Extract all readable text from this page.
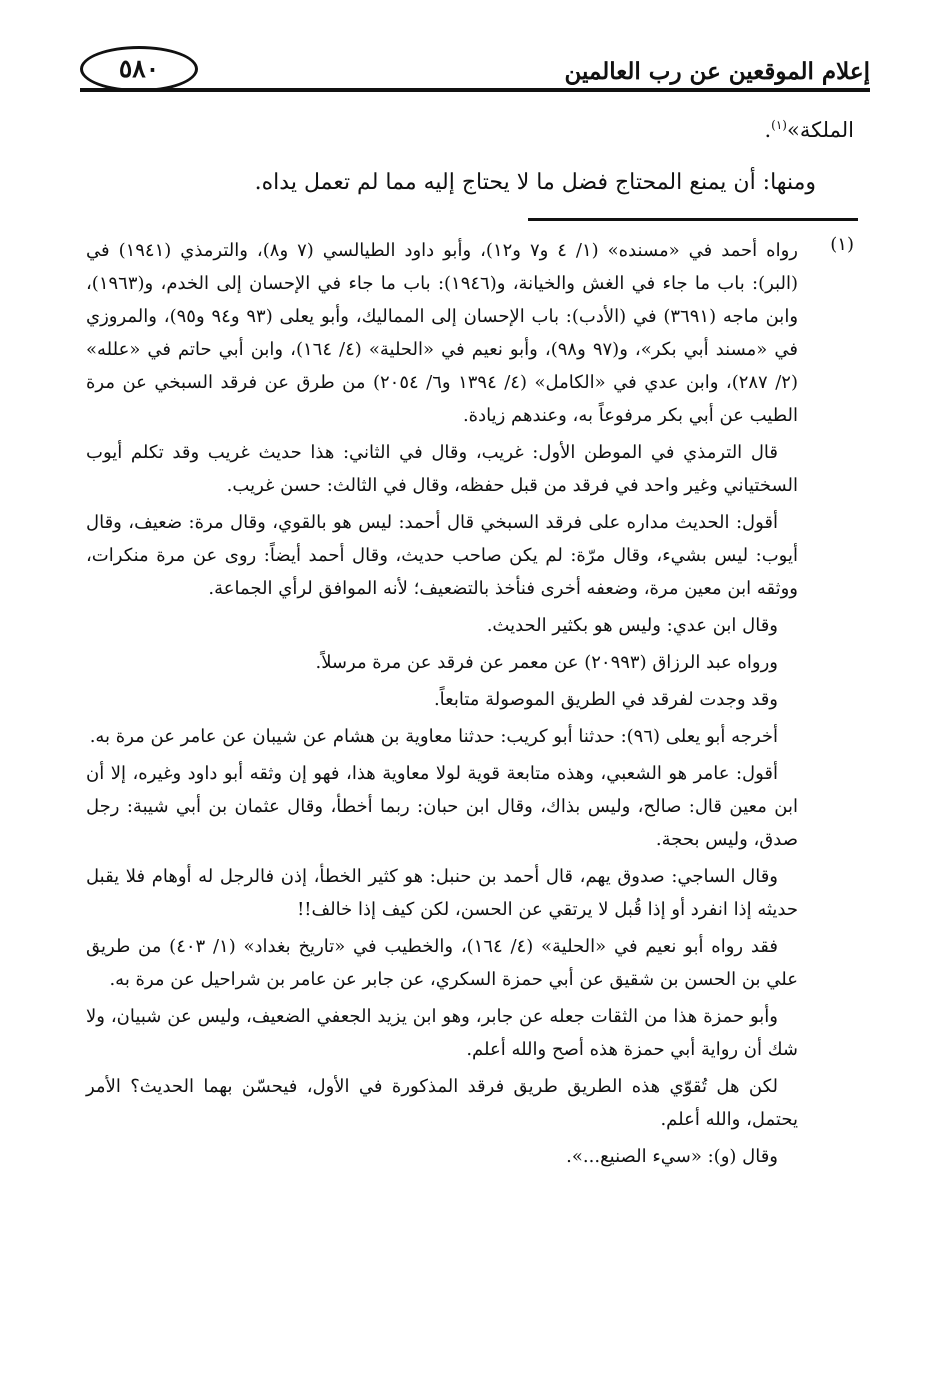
إعلام الموقعين عن رب العالمين
٥٨٠
الملكة»$^{(١)}$.
ومنها: أن يمنع المحتاج فضل ما لا يحتاج إليه مما لم تعمل يداه.
(١)

رواه أحمد في «مسنده» (١/ ٤ و٧ و١٢)، وأبو داود الطيالسي (٧ و٨)، والترمذي (١٩٤١) في (البر): باب ما جاء في الغش والخيانة، و(١٩٤٦): باب ما جاء في الإحسان إلى الخدم، و(١٩٦٣)، وابن ماجه (٣٦٩١) في (الأدب): باب الإحسان إلى المماليك، وأبو يعلى (٩٣ و٩٤ و٩٥)، والمروزي في «مسند أبي بكر»، و(٩٧ و٩٨)، وأبو نعيم في «الحلية» (٤/ ١٦٤)، وابن أبي حاتم في «علله» (٢/ ٢٨٧)، وابن عدي في «الكامل» (٤/ ١٣٩٤ و٦/ ٢٠٥٤) من طرق عن فرقد السبخي عن مرة الطيب عن أبي بكر مرفوعاً به، وعندهم زيادة.

قال الترمذي في الموطن الأول: غريب، وقال في الثاني: هذا حديث غريب وقد تكلم أيوب السختياني وغير واحد في فرقد من قبل حفظه، وقال في الثالث: حسن غريب.

أقول: الحديث مداره على فرقد السبخي قال أحمد: ليس هو بالقوي، وقال مرة: ضعيف، وقال أيوب: ليس بشيء، وقال مرّة: لم يكن صاحب حديث، وقال أحمد أيضاً: روى عن مرة منكرات، ووثقه ابن معين مرة، وضعفه أخرى فنأخذ بالتضعيف؛ لأنه الموافق لرأي الجماعة.

وقال ابن عدي: وليس هو بكثير الحديث.

ورواه عبد الرزاق (٢٠٩٩٣) عن معمر عن فرقد عن مرة مرسلاً.

وقد وجدت لفرقد في الطريق الموصولة متابعاً.

أخرجه أبو يعلى (٩٦): حدثنا أبو كريب: حدثنا معاوية بن هشام عن شيبان عن عامر عن مرة به.

أقول: عامر هو الشعبي، وهذه متابعة قوية لولا معاوية هذا، فهو إن وثقه أبو داود وغيره، إلا أن ابن معين قال: صالح، وليس بذاك، وقال ابن حبان: ربما أخطأ، وقال عثمان بن أبي شيبة: رجل صدق، وليس بحجة.

وقال الساجي: صدوق يهم، قال أحمد بن حنبل: هو كثير الخطأ، إذن فالرجل له أوهام فلا يقبل حديثه إذا انفرد أو إذا قُبل لا يرتقي عن الحسن، لكن كيف إذا خالف!!

فقد رواه أبو نعيم في «الحلية» (٤/ ١٦٤)، والخطيب في «تاريخ بغداد» (١/ ٤٠٣) من طريق علي بن الحسن بن شقيق عن أبي حمزة السكري، عن جابر عن عامر بن شراحيل عن مرة به.

وأبو حمزة هذا من الثقات جعله عن جابر، وهو ابن يزيد الجعفي الضعيف، وليس عن شبيان، ولا شك أن رواية أبي حمزة هذه أصح والله أعلم.

لكن هل تُقوّي هذه الطريق طريق فرقد المذكورة في الأول، فيحسّن بهما الحديث؟ الأمر يحتمل، والله أعلم.

وقال (و): «سيء الصنيع...».
